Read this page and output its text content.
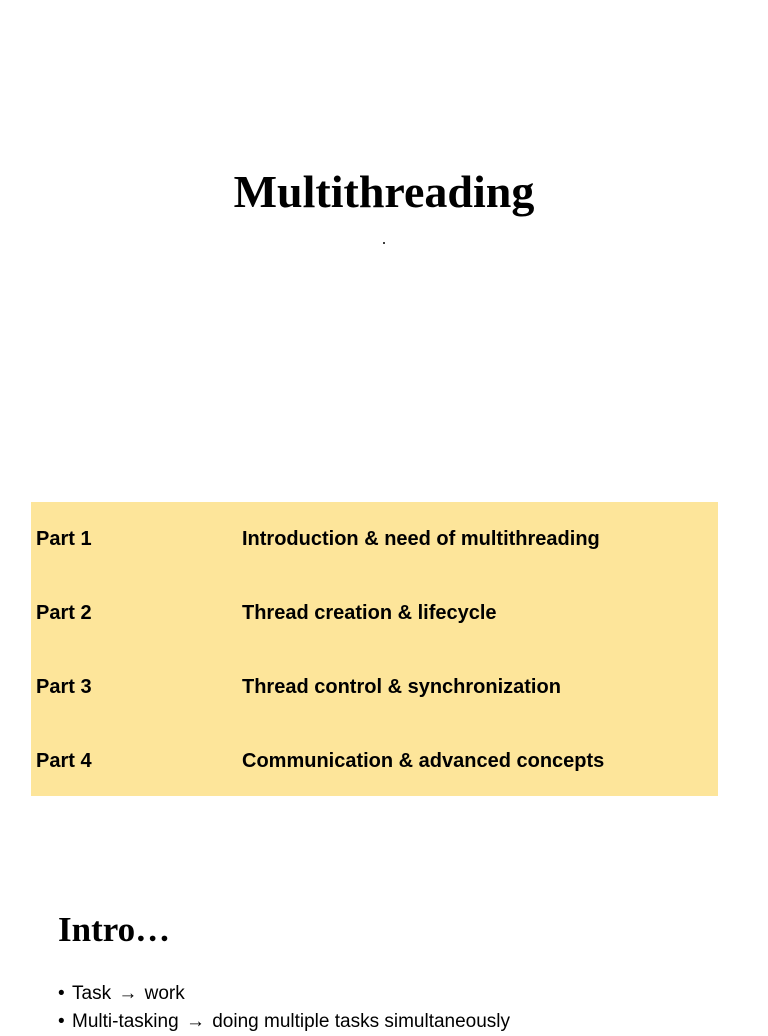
Multithreading
Part 1	Introduction & need of multithreading
Part 2	Thread creation & lifecycle
Part 3	Thread control & synchronization
Part 4	Communication & advanced concepts
Intro…
• Task → work
• Multi-tasking → doing multiple tasks simultaneously
